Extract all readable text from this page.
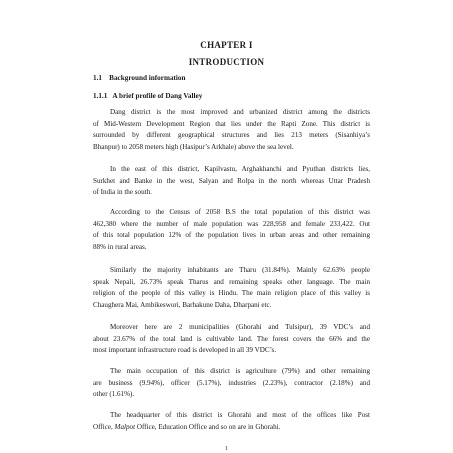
CHAPTER I
INTRODUCTION
1.1 Background information
1.1.1 A brief profile of Dang Valley
Dang district is the most improved and urbanized district among the districts
of Mid-Western Development Region that lies under the Rapti Zone. This district is
surrounded by different geographical structures and lies 213 meters (Sisanhiya’s
Bhanpur) to 2058 meters high (Hasipur’s Arkhale) above the sea level.
In the east of this district, Kapilvastu, Arghakhanchi and Pyuthan districts lies,
Surkhet and Banke in the west, Salyan and Rolpa in the north whereas Uttar Pradesh
of India in the south.
According to the Census of 2058 B.S the total population of this district was
462,380 where the number of male population was 228,958 and female 233,422. Out
of this total population 12% of the population lives in urban areas and other remaining
88% in rural areas.
Similarly the majority inhabitants are Tharu (31.84%). Mainly 62.63% people
speak Nepali, 26.73% speak Tharus and remaining speaks other language. The main
religion of the people of this valley is Hindu. The main religion place of this valley is
Chaughera Mai, Ambikeswori, Barhakune Daha, Dharpani etc.
Moreover here are 2 municipalities (Ghorahi and Tulsipur), 39 VDC’s and
about 23.67% of the total land is cultivable land. The forest covers the 66% and the
most important infrastructure road is developed in all 39 VDC’s.
The main occupation of this district is agriculture (79%) and other remaining
are business (9.94%), officer (5.17%), industries (2.23%), contractor (2.18%) and
other (1.61%).
The headquarter of this district is Ghorahi and most of the offices like Post
Office, Malpot Office, Education Office and so on are in Ghorahi.
1
